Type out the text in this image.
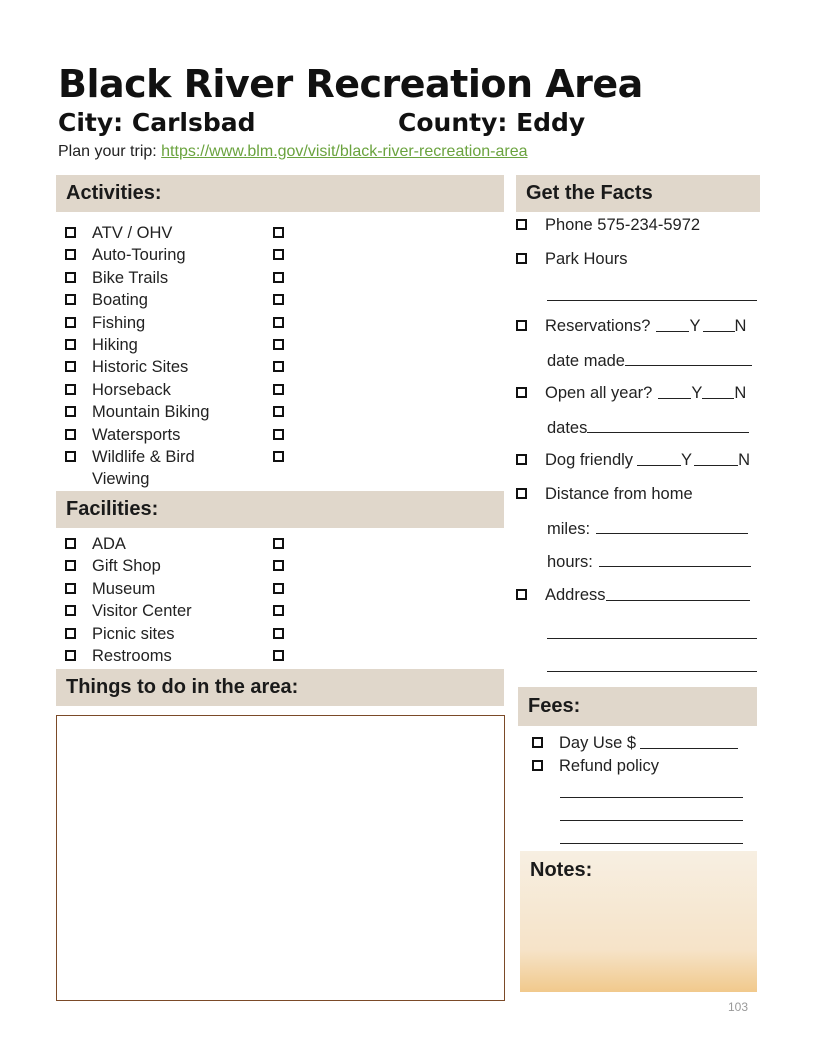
Black River Recreation Area
City: Carlsbad	County: Eddy
Plan your trip: https://www.blm.gov/visit/black-river-recreation-area
Activities:
ATV / OHV
Auto-Touring
Bike Trails
Boating
Fishing
Hiking
Historic Sites
Horseback
Mountain Biking
Watersports
Wildlife & Bird Viewing
Facilities:
ADA
Gift Shop
Museum
Visitor Center
Picnic sites
Restrooms
Things to do in the area:
Get the Facts
Phone 575-234-5972
Park Hours
Reservations? Y N
date made
Open all year? Y N
dates
Dog friendly	Y	N
Distance from home
miles:
hours:
Address
Fees:
Day Use $
Refund policy
Notes:
103
